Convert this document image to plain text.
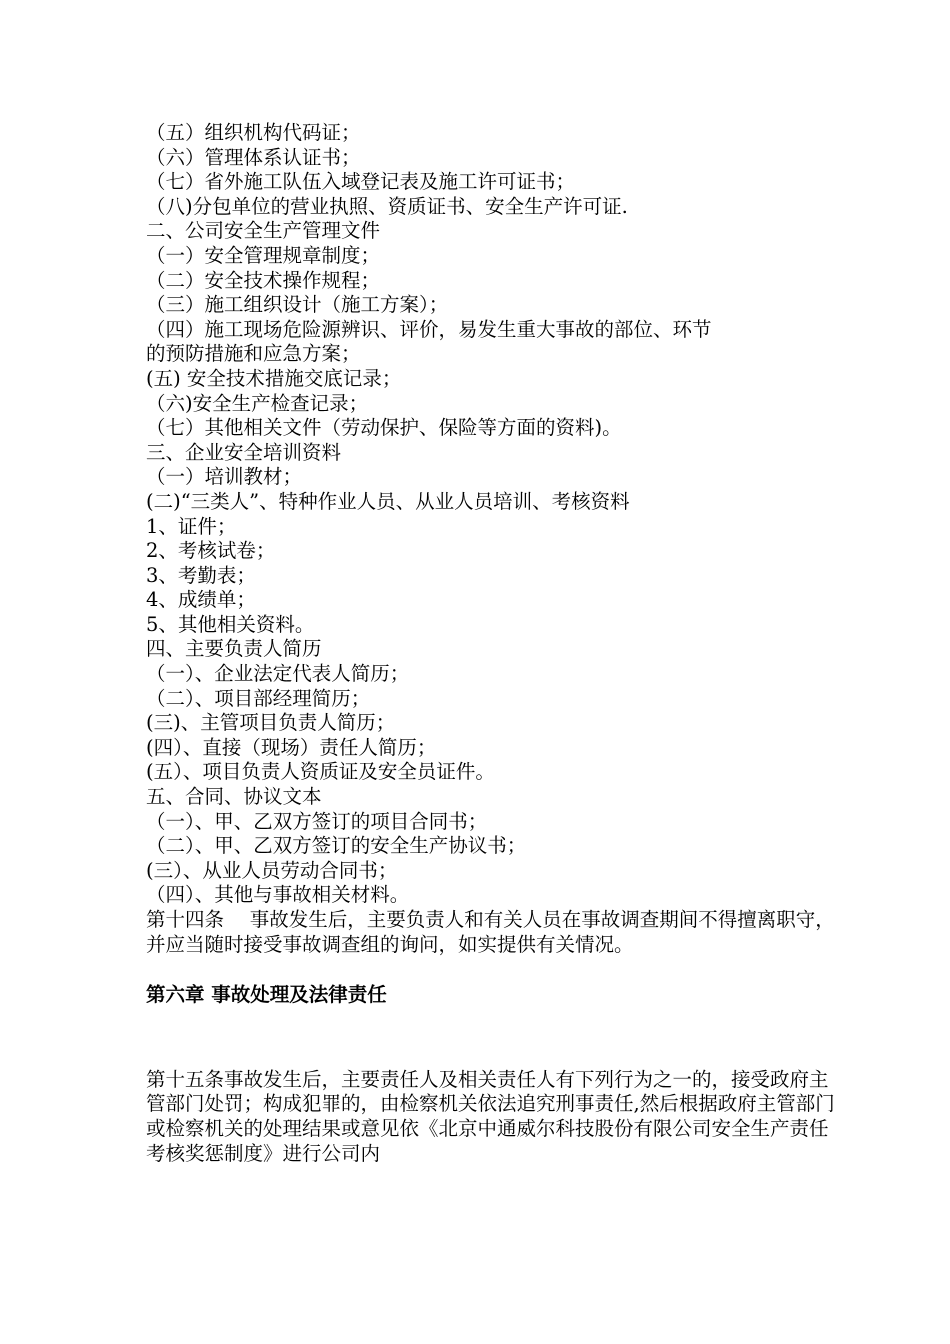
（五）组织机构代码证；
（六）管理体系认证书；
（七）省外施工队伍入域登记表及施工许可证书；
（八)分包单位的营业执照、资质证书、安全生产许可证.
二、公司安全生产管理文件
（一）安全管理规章制度；
（二）安全技术操作规程；
（三）施工组织设计（施工方案）；
（四）施工现场危险源辨识、评价，易发生重大事故的部位、环节
的预防措施和应急方案；
(五) 安全技术措施交底记录；
（六)安全生产检查记录；
（七）其他相关文件（劳动保护、保险等方面的资料)。
三、企业安全培训资料
（一）培训教材；
(二)“三类人”、特种作业人员、从业人员培训、考核资料
1、证件；
2、考核试卷；
3、考勤表；
4、成绩单；
5、其他相关资料。
四、主要负责人简历
（一）、企业法定代表人简历；
（二）、项目部经理简历；
(三)、主管项目负责人简历；
(四）、直接（现场）责任人简历；
(五）、项目负责人资质证及安全员证件。
五、合同、协议文本
（一）、甲、乙双方签订的项目合同书；
（二）、甲、乙双方签订的安全生产协议书；
(三）、从业人员劳动合同书；
（四）、其他与事故相关材料。
第十四条　 事故发生后，主要负责人和有关人员在事故调查期间不得擅离职守，并应当随时接受事故调查组的询问，如实提供有关情况。
第六章 事故处理及法律责任
第十五条事故发生后，主要责任人及相关责任人有下列行为之一的，接受政府主管部门处罚；构成犯罪的，由检察机关依法追究刑事责任,然后根据政府主管部门或检察机关的处理结果或意见依《北京中通威尔科技股份有限公司安全生产责任考核奖惩制度》进行公司内
